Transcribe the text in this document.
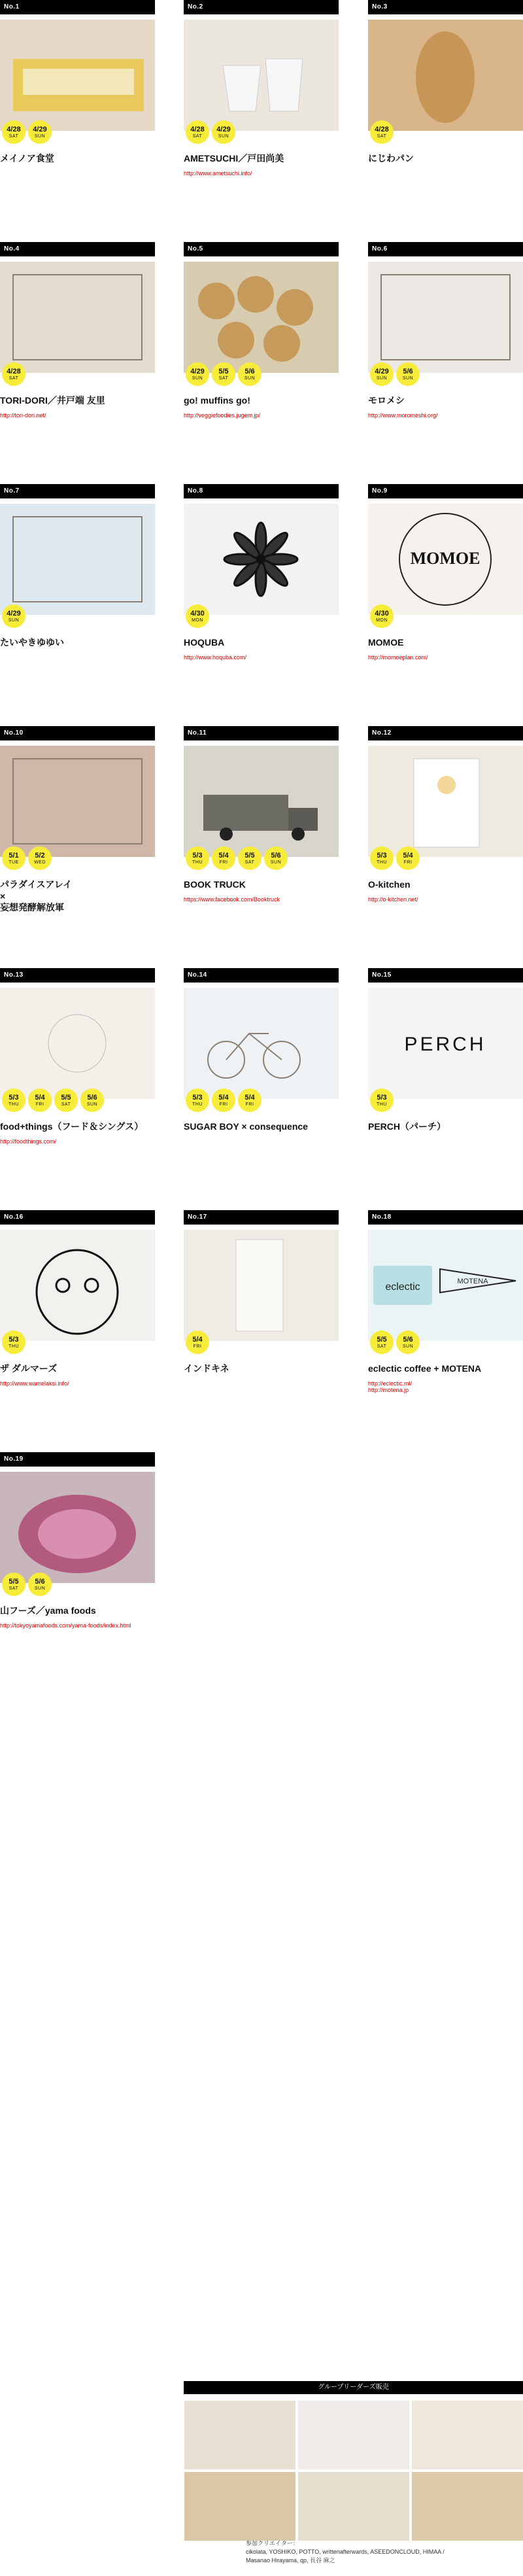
No.1
4/28
SAT
4/29
SUN
メイノア食堂
No.2
4/28
SAT
4/29
SUN
AMETSUCHI／戸田尚美
http://www.ametsuchi.info/
No.3
4/28
SAT
にじわパン
No.4
4/28
SAT
TORI-DORI／井戸端 友里
http://tori-dori.net/
No.5
4/29
SUN
5/5
SAT
5/6
SUN
go! muffins go!
http://veggiefoodies.jugem.jp/
No.6
4/29
SUN
5/6
SUN
モロメシ
http://www.moromeshi.org/
No.7
4/29
SUN
たいやきゆゆい
No.8
4/30
MON
HOQUBA
http://www.hoquba.com/
No.9
MOMOE
4/30
MON
MOMOE
http://momoeplan.com/
No.10
5/1
TUE
5/2
WED
パラダイスアレイ
×
妄想発酵解放軍
No.11
5/3
THU
5/4
FRI
5/5
SAT
5/6
SUN
BOOK TRUCK
https://www.facebook.com/Booktruck
No.12
5/3
THU
5/4
FRI
O-kitchen
http://o-kitchen.net/
No.13
5/3
THU
5/4
FRI
5/5
SAT
5/6
SUN
food+things（フード＆シングス）
http://foodthings.com/
No.14
5/3
THU
5/4
FRI
5/4
FRI
SUGAR BOY × consequence
No.15
PERCH
5/3
THU
PERCH（パーチ）
No.16
5/3
THU
ザ ダルマーズ
http://www.wamelaksi.info/
No.17
5/4
FRI
インドキネ
No.18
eclectic	MOTENA
5/5
SAT
5/6
SUN
eclectic coffee + MOTENA
http://eclectic.ml/
http://motena.jp
No.19
5/5
SAT
5/6
SUN
山フーズ／yama foods
http://tokyoyamafoods.com/yama-foods/index.html
グループリーダーズ販売
参加クリエイター：
cikolata, YOSHIKO, POTTO, writtenafterwards, ASEEDONCLOUD, HIMAA /
Masanao Hirayama, qp, 長谷 麻之
